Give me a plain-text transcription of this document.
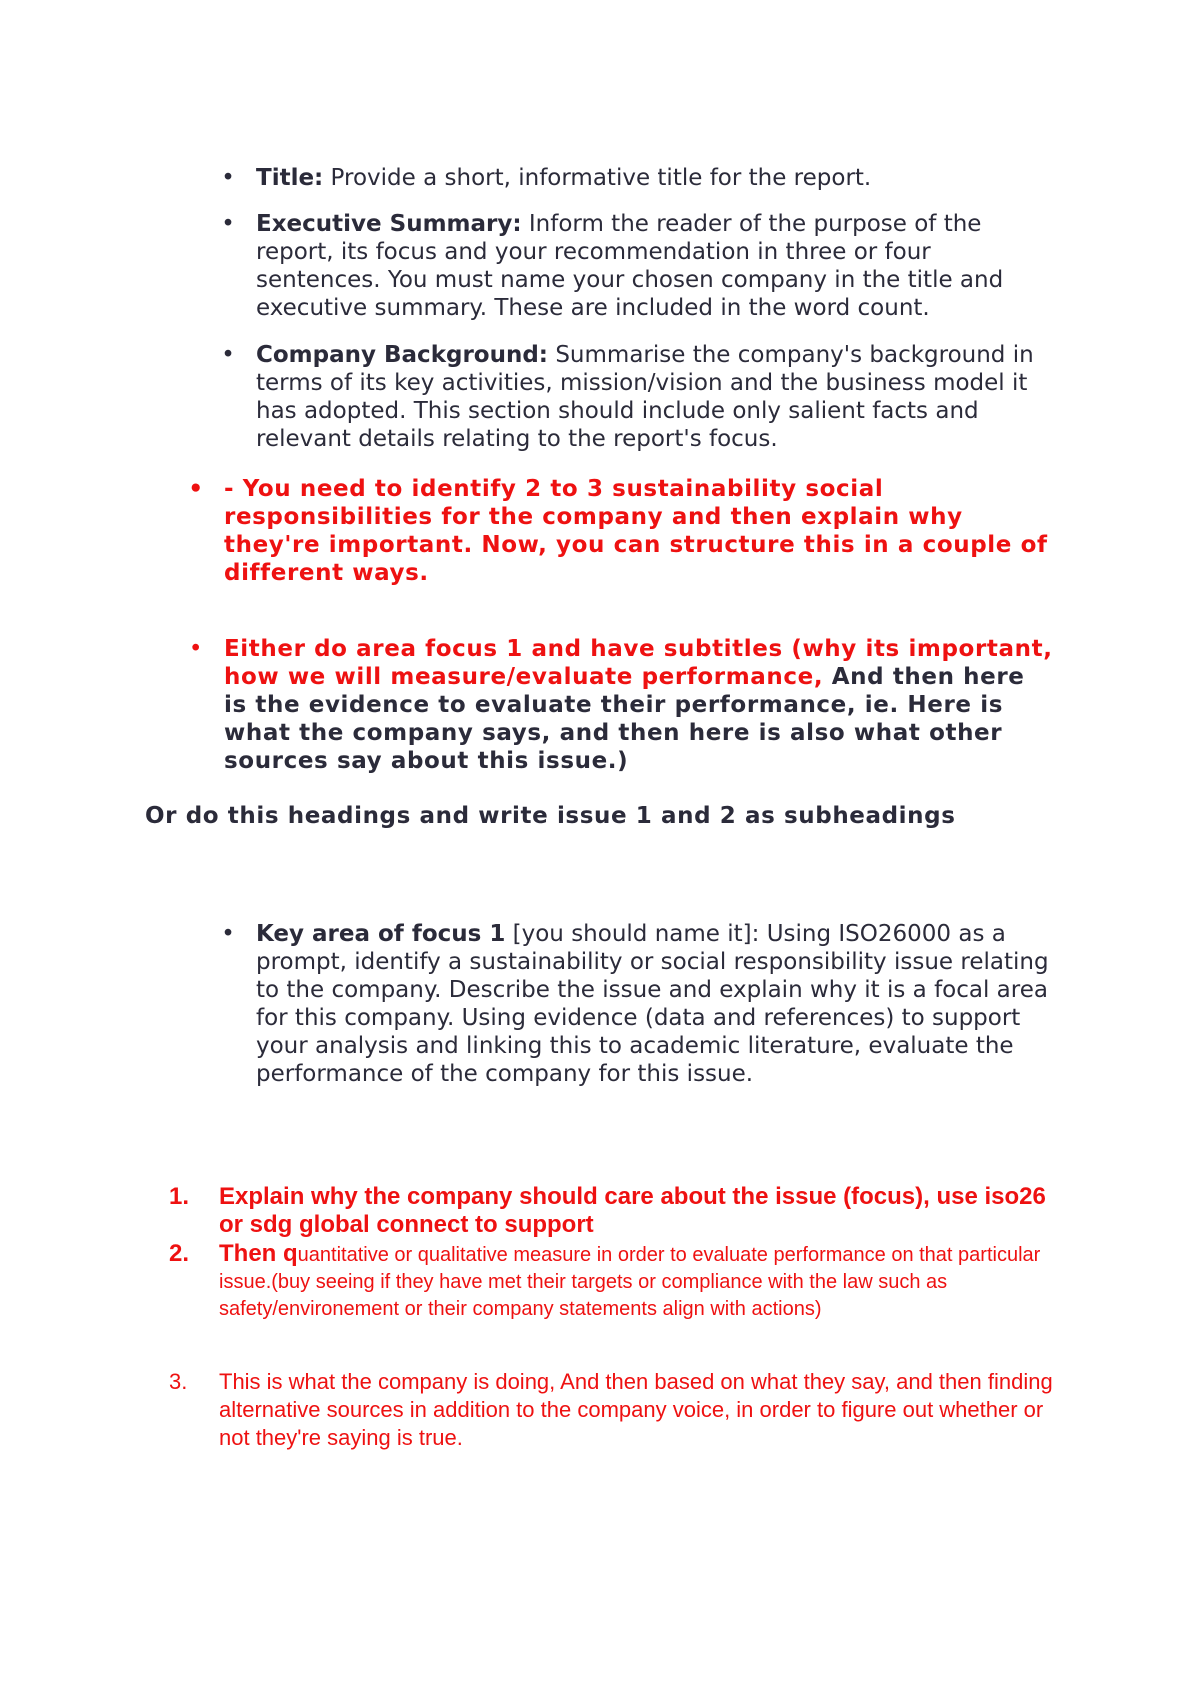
• Title: Provide a short, informative title for the report.
• Executive Summary: Inform the reader of the purpose of the report, its focus and your recommendation in three or four sentences. You must name your chosen company in the title and executive summary. These are included in the word count.
• Company Background: Summarise the company's background in terms of its key activities, mission/vision and the business model it has adopted. This section should include only salient facts and relevant details relating to the report's focus.
• - You need to identify 2 to 3 sustainability social responsibilities for the company and then explain why they're important. Now, you can structure this in a couple of different ways.
• Either do area focus 1 and have subtitles (why its important, how we will measure/evaluate performance, And then here is the evidence to evaluate their performance, ie. Here is what the company says, and then here is also what other sources say about this issue.)
Or do this headings and write issue 1 and 2 as subheadings
• Key area of focus 1 [you should name it]: Using ISO26000 as a prompt, identify a sustainability or social responsibility issue relating to the company. Describe the issue and explain why it is a focal area for this company. Using evidence (data and references) to support your analysis and linking this to academic literature, evaluate the performance of the company for this issue.
1.	Explain why the company should care about the issue (focus), use iso26 or sdg global connect to support
2.	Then quantitative or qualitative measure in order to evaluate performance on that particular issue.(buy seeing if they have met their targets or compliance with the law such as safety/environement or their company statements align with actions)
3.	This is what the company is doing, And then based on what they say, and then finding alternative sources in addition to the company voice, in order to figure out whether or not they're saying is true.
